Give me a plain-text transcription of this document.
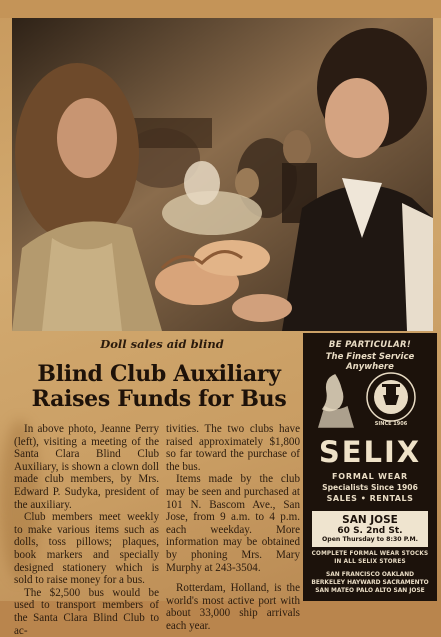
Doll sales aid blind
Blind Club Auxiliary
Raises Funds for Bus

In above photo, Jeanne Perry (left), visiting a meeting of the Santa Clara Blind Club Auxiliary, is shown a clown doll made club members, by Mrs. Edward P. Sudyka, president of the auxiliary.

Club members meet weekly to make various items such as dolls, toss pillows; plaques, book markers and specially designed stationery which is sold to raise money for a bus.

The $2,500 bus would be used to transport members of the Santa Clara Blind Club to ac-

tivities. The two clubs have raised approximately $1,800 so far toward the purchase of the bus.

Items made by the club may be seen and purchased at 101 N. Bascom Ave., San Jose, from 9 a.m. to 4 p.m. each weekday. More information may be obtained by phoning Mrs. Mary Murphy at 243-3504.

Rotterdam, Holland, is the world's most active port with about 33,000 ship arrivals each year.

BE PARTICULAR!
The Finest Service Anywhere
SINCE 1906
SELIX
FORMAL WEAR
Specialists Since 1906
SALES • RENTALS
SAN JOSE
60 S. 2nd St.
Open Thursday to 8:30 P.M.
COMPLETE FORMAL WEAR STOCKS
IN ALL SELIX STORES
SAN FRANCISCO OAKLAND
BERKELEY HAYWARD SACRAMENTO
SAN MATEO PALO ALTO SAN JOSE
